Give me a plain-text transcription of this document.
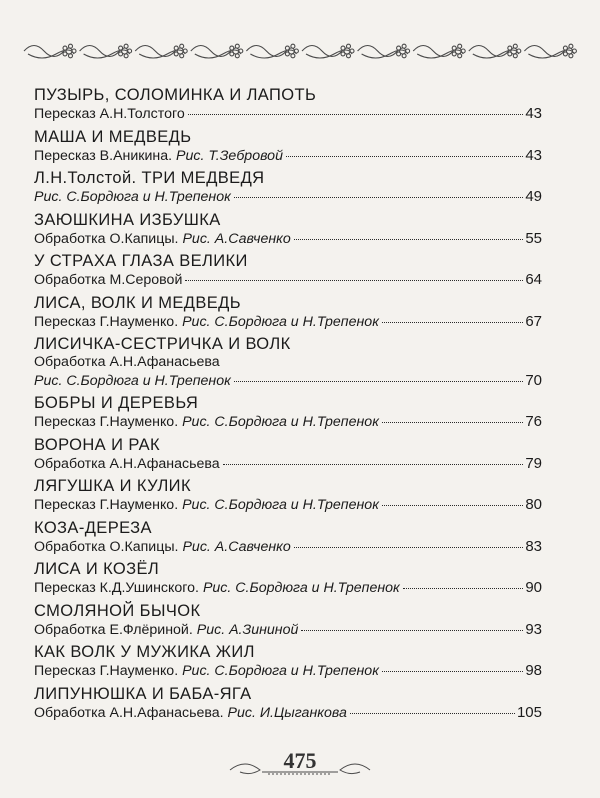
ПУЗЫРЬ, СОЛОМИНКА И ЛАПОТЬ
Пересказ А.Н.Толстого	43
МАША И МЕДВЕДЬ
Пересказ В.Аникина. Рис. Т.Зебровой	43
Л.Н.Толстой. ТРИ МЕДВЕДЯ
Рис. С.Бордюга и Н.Трепенок	49
ЗАЮШКИНА ИЗБУШКА
Обработка О.Капицы. Рис. А.Савченко	55
У СТРАХА ГЛАЗА ВЕЛИКИ
Обработка М.Серовой	64
ЛИСА, ВОЛК И МЕДВЕДЬ
Пересказ Г.Науменко. Рис. С.Бордюга и Н.Трепенок	67
ЛИСИЧКА-СЕСТРИЧКА И ВОЛК
Обработка А.Н.Афанасьева
Рис. С.Бордюга и Н.Трепенок	70
БОБРЫ И ДЕРЕВЬЯ
Пересказ Г.Науменко. Рис. С.Бордюга и Н.Трепенок	76
ВОРОНА И РАК
Обработка А.Н.Афанасьева	79
ЛЯГУШКА И КУЛИК
Пересказ Г.Науменко. Рис. С.Бордюга и Н.Трепенок	80
КОЗА-ДЕРЕЗА
Обработка О.Капицы. Рис. А.Савченко	83
ЛИСА И КОЗЁЛ
Пересказ К.Д.Ушинского. Рис. С.Бордюга и Н.Трепенок	90
СМОЛЯНОЙ БЫЧОК
Обработка Е.Флёриной. Рис. А.Зининой	93
КАК ВОЛК У МУЖИКА ЖИЛ
Пересказ Г.Науменко. Рис. С.Бордюга и Н.Трепенок	98
ЛИПУНЮШКА И БАБА-ЯГА
Обработка А.Н.Афанасьева. Рис. И.Цыганкова	105
475
